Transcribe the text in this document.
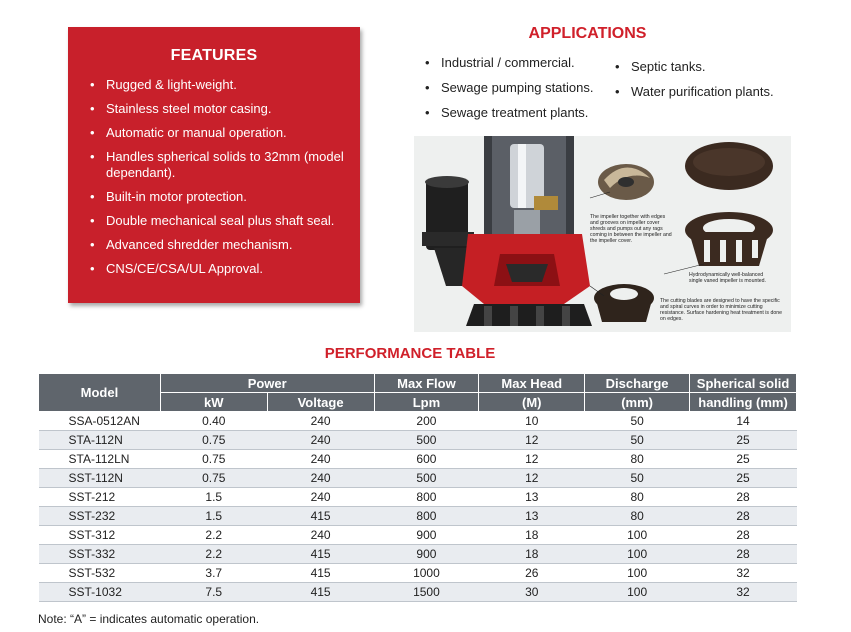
FEATURES
• Rugged & light-weight.
• Stainless steel motor casing.
• Automatic or manual operation.
• Handles spherical solids to 32mm (model dependant).
• Built-in motor protection.
• Double mechanical seal plus shaft seal.
• Advanced shredder mechanism.
• CNS/CE/CSA/UL Approval.
APPLICATIONS
• Industrial / commercial.
• Sewage pumping stations.
• Sewage treatment plants.
• Septic tanks.
• Water purification plants.
The impeller together with edges and grooves on impeller cover shreds and pumps out any rags coming in between the impeller and the impeller cover.
Hydrodynamically well-balanced single vaned impeller is mounted.
The cutting blades are designed to have the specific and spiral curves in order to minimize cutting resistance. Surface hardening heat treatment is done on edges.
PERFORMANCE TABLE
Model	Power		Max Flow	Max Head	Discharge	Spherical solid
	kW	Voltage	Lpm	(M)	(mm)	handling (mm)
SSA-0512AN	0.40	240	200	10	50	14
STA-112N	0.75	240	500	12	50	25
STA-112LN	0.75	240	600	12	80	25
SST-112N	0.75	240	500	12	50	25
SST-212	1.5	240	800	13	80	28
SST-232	1.5	415	800	13	80	28
SST-312	2.2	240	900	18	100	28
SST-332	2.2	415	900	18	100	28
SST-532	3.7	415	1000	26	100	32
SST-1032	7.5	415	1500	30	100	32
Note: “A” = indicates automatic operation.
